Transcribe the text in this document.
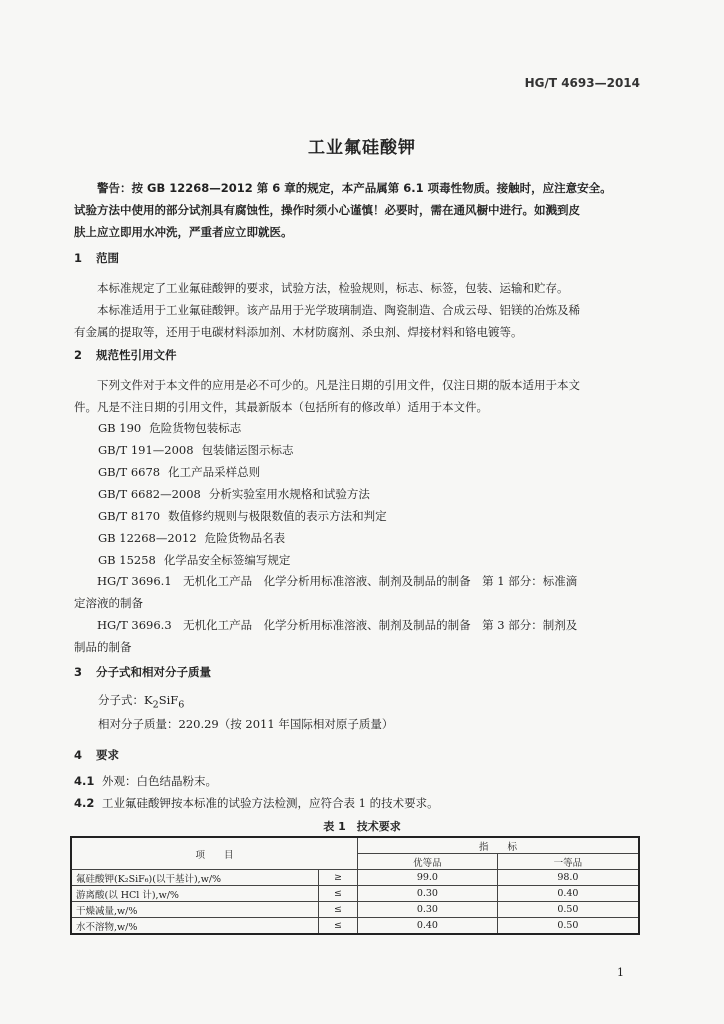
HG/T 4693—2014
工业氟硅酸钾

警告：按 GB 12268—2012 第 6 章的规定，本产品属第 6.1 项毒性物质。接触时，应注意安全。

试验方法中使用的部分试剂具有腐蚀性，操作时须小心谨慎！必要时，需在通风橱中进行。如溅到皮

肤上应立即用水冲洗，严重者应立即就医。

1 范围

本标准规定了工业氟硅酸钾的要求，试验方法，检验规则，标志、标签，包装、运输和贮存。

本标准适用于工业氟硅酸钾。该产品用于光学玻璃制造、陶瓷制造、合成云母、铝镁的冶炼及稀

有金属的提取等，还用于电碳材料添加剂、木材防腐剂、杀虫剂、焊接材料和铬电镀等。

2 规范性引用文件

下列文件对于本文件的应用是必不可少的。凡是注日期的引用文件，仅注日期的版本适用于本文

件。凡是不注日期的引用文件，其最新版本（包括所有的修改单）适用于本文件。

GB 190 危险货物包装标志
GB/T 191—2008 包装储运图示标志
GB/T 6678 化工产品采样总则
GB/T 6682—2008 分析实验室用水规格和试验方法
GB/T 8170 数值修约规则与极限数值的表示方法和判定
GB 12268—2012 危险货物品名表
GB 15258 化学品安全标签编写规定

HG/T 3696.1　无机化工产品　化学分析用标准溶液、制剂及制品的制备　第 1 部分：标准滴

定溶液的制备

HG/T 3696.3　无机化工产品　化学分析用标准溶液、制剂及制品的制备　第 3 部分：制剂及

制品的制备

3 分子式和相对分子质量
分子式：$K_2SiF_6$
相对分子质量：220.29（按 2011 年国际相对原子质量）
4 要求
4.1 外观：白色结晶粉末。
4.2 工业氟硅酸钾按本标准的试验方法检测，应符合表 1 的技术要求。
表 1　技术要求
项　　目		指　　标	
		优等品	一等品
氟硅酸钾(K₂SiF₆)(以干基计),w/%	≥	99.0	98.0
游离酸(以 HCl 计),w/%	≤	0.30	0.40
干燥减量,w/%	≤	0.30	0.50
水不溶物,w/%	≤	0.40	0.50
1
